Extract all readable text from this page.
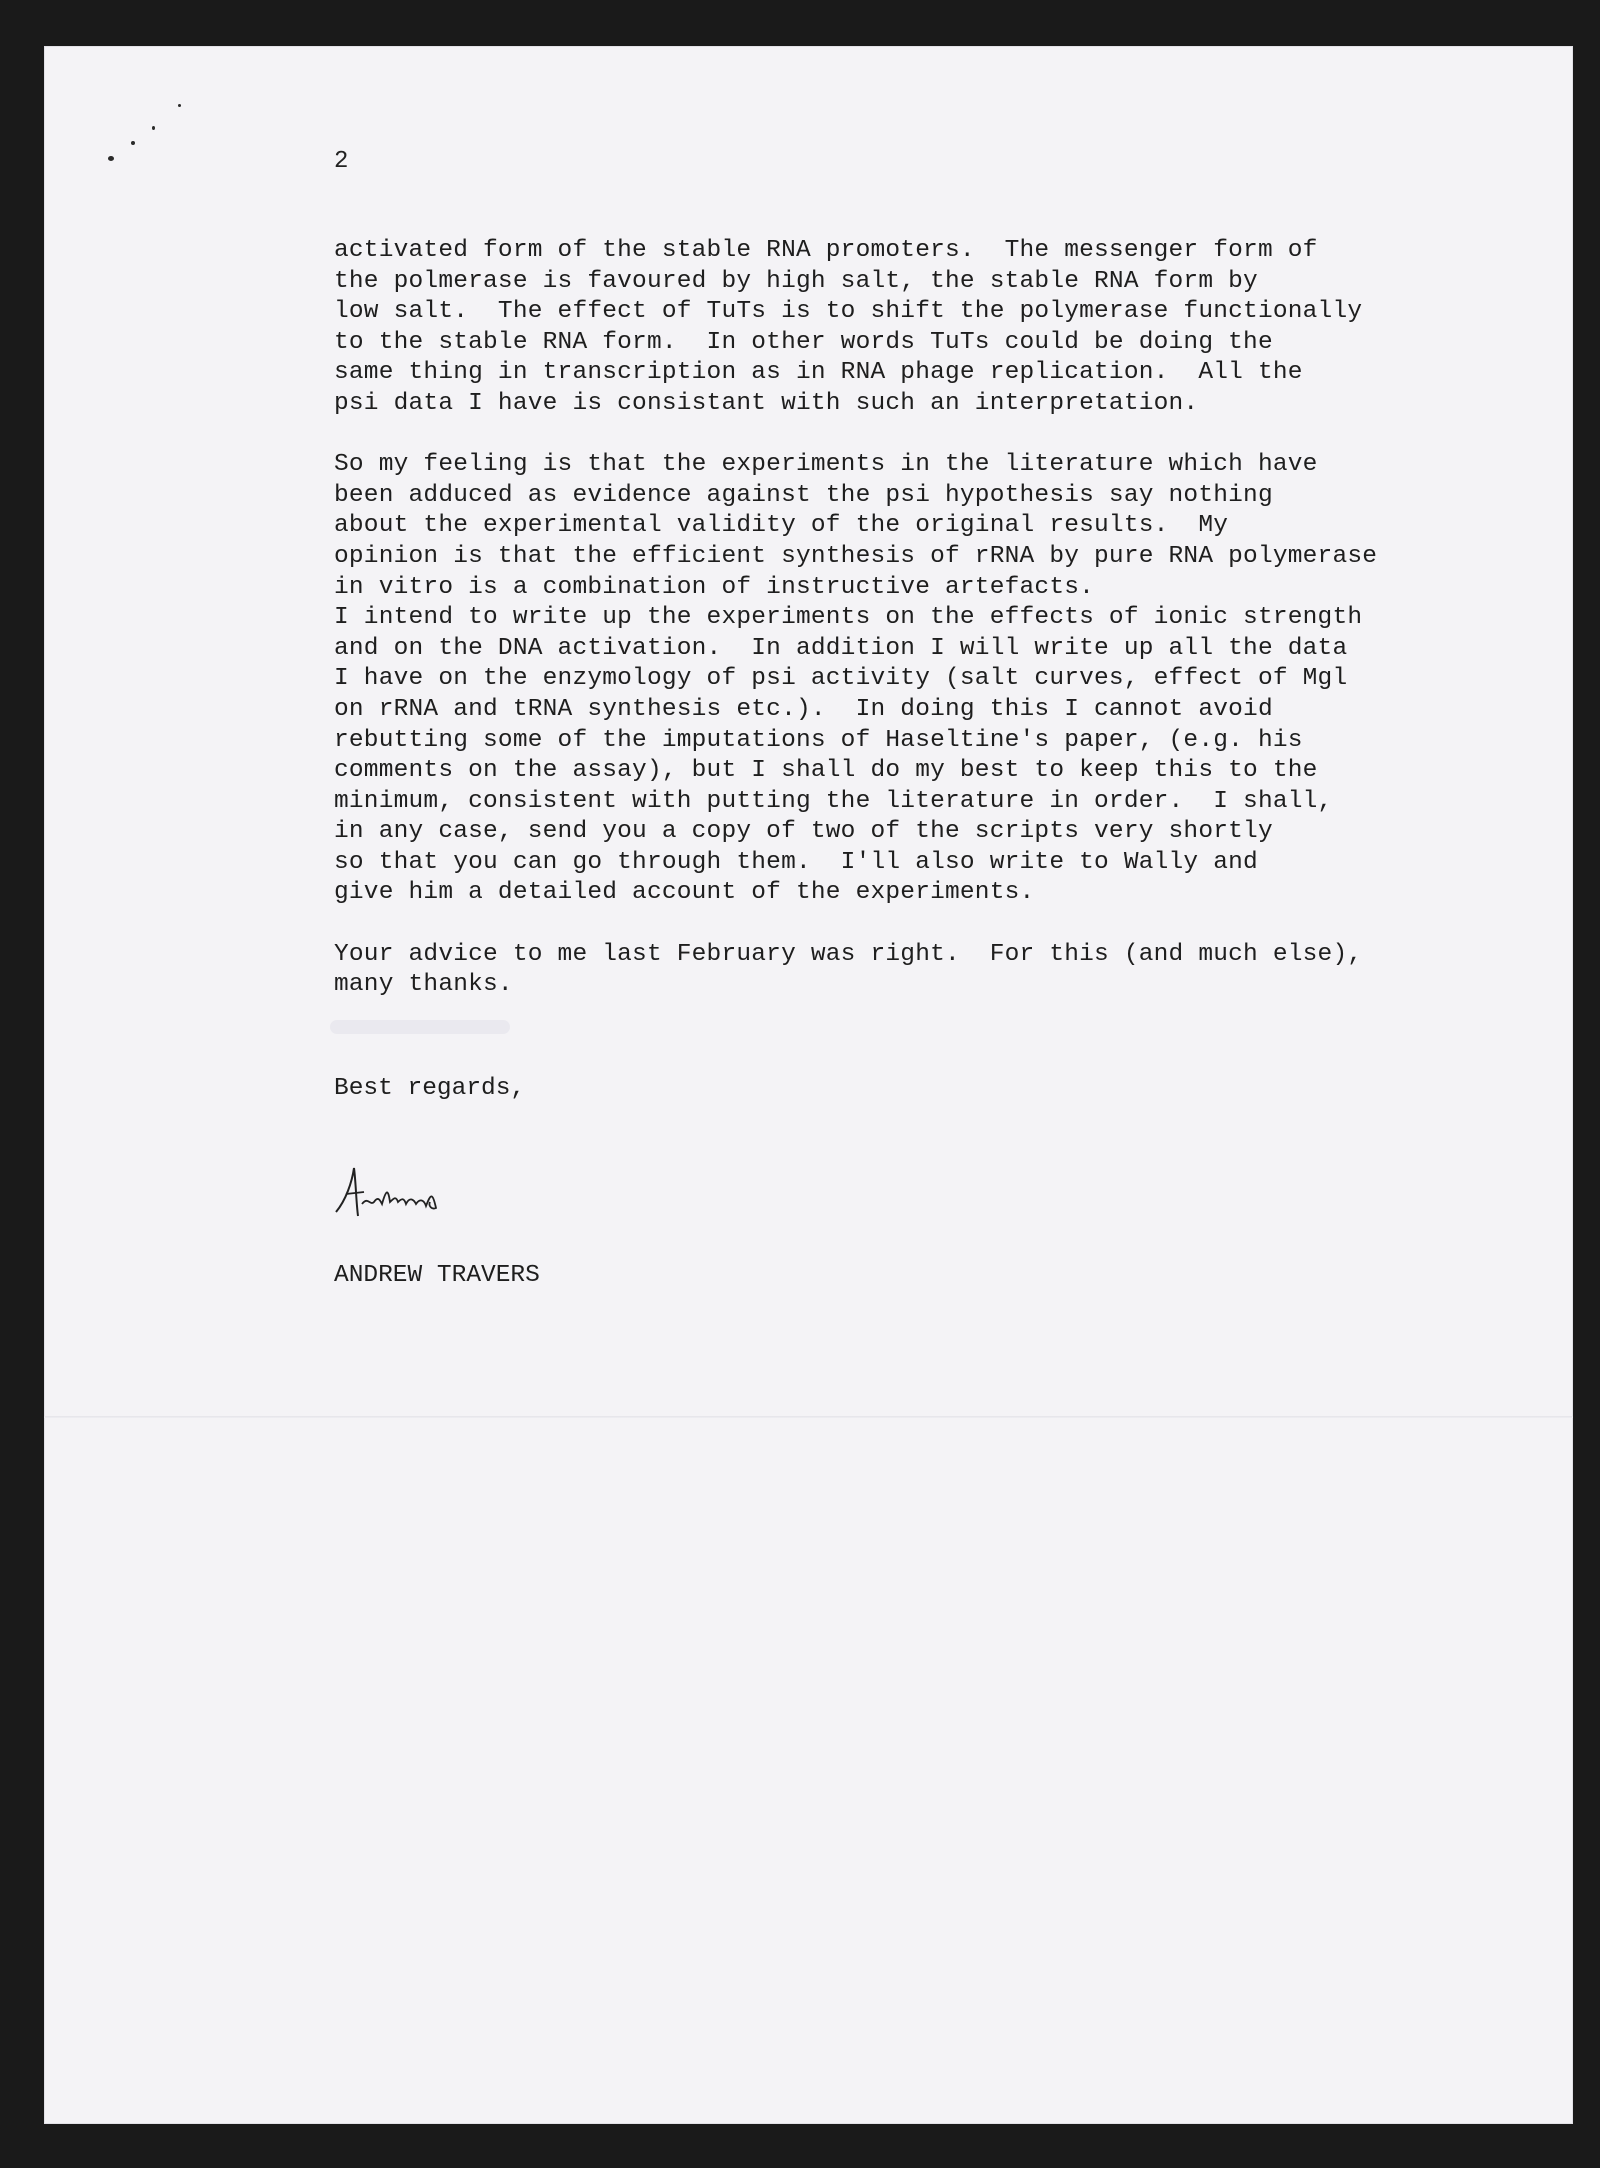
2
activated form of the stable RNA promoters.  The messenger form of
the polmerase is favoured by high salt, the stable RNA form by
low salt.  The effect of TuTs is to shift the polymerase functionally
to the stable RNA form.  In other words TuTs could be doing the
same thing in transcription as in RNA phage replication.  All the
psi data I have is consistant with such an interpretation.
So my feeling is that the experiments in the literature which have
been adduced as evidence against the psi hypothesis say nothing
about the experimental validity of the original results.  My
opinion is that the efficient synthesis of rRNA by pure RNA polymerase
in vitro is a combination of instructive artefacts.
I intend to write up the experiments on the effects of ionic strength
and on the DNA activation.  In addition I will write up all the data
I have on the enzymology of psi activity (salt curves, effect of Mgl
on rRNA and tRNA synthesis etc.).  In doing this I cannot avoid
rebutting some of the imputations of Haseltine's paper, (e.g. his
comments on the assay), but I shall do my best to keep this to the
minimum, consistent with putting the literature in order.  I shall,
in any case, send you a copy of two of the scripts very shortly
so that you can go through them.  I'll also write to Wally and
give him a detailed account of the experiments.
Your advice to me last February was right.  For this (and much else),
many thanks.
Best regards,
ANDREW TRAVERS
